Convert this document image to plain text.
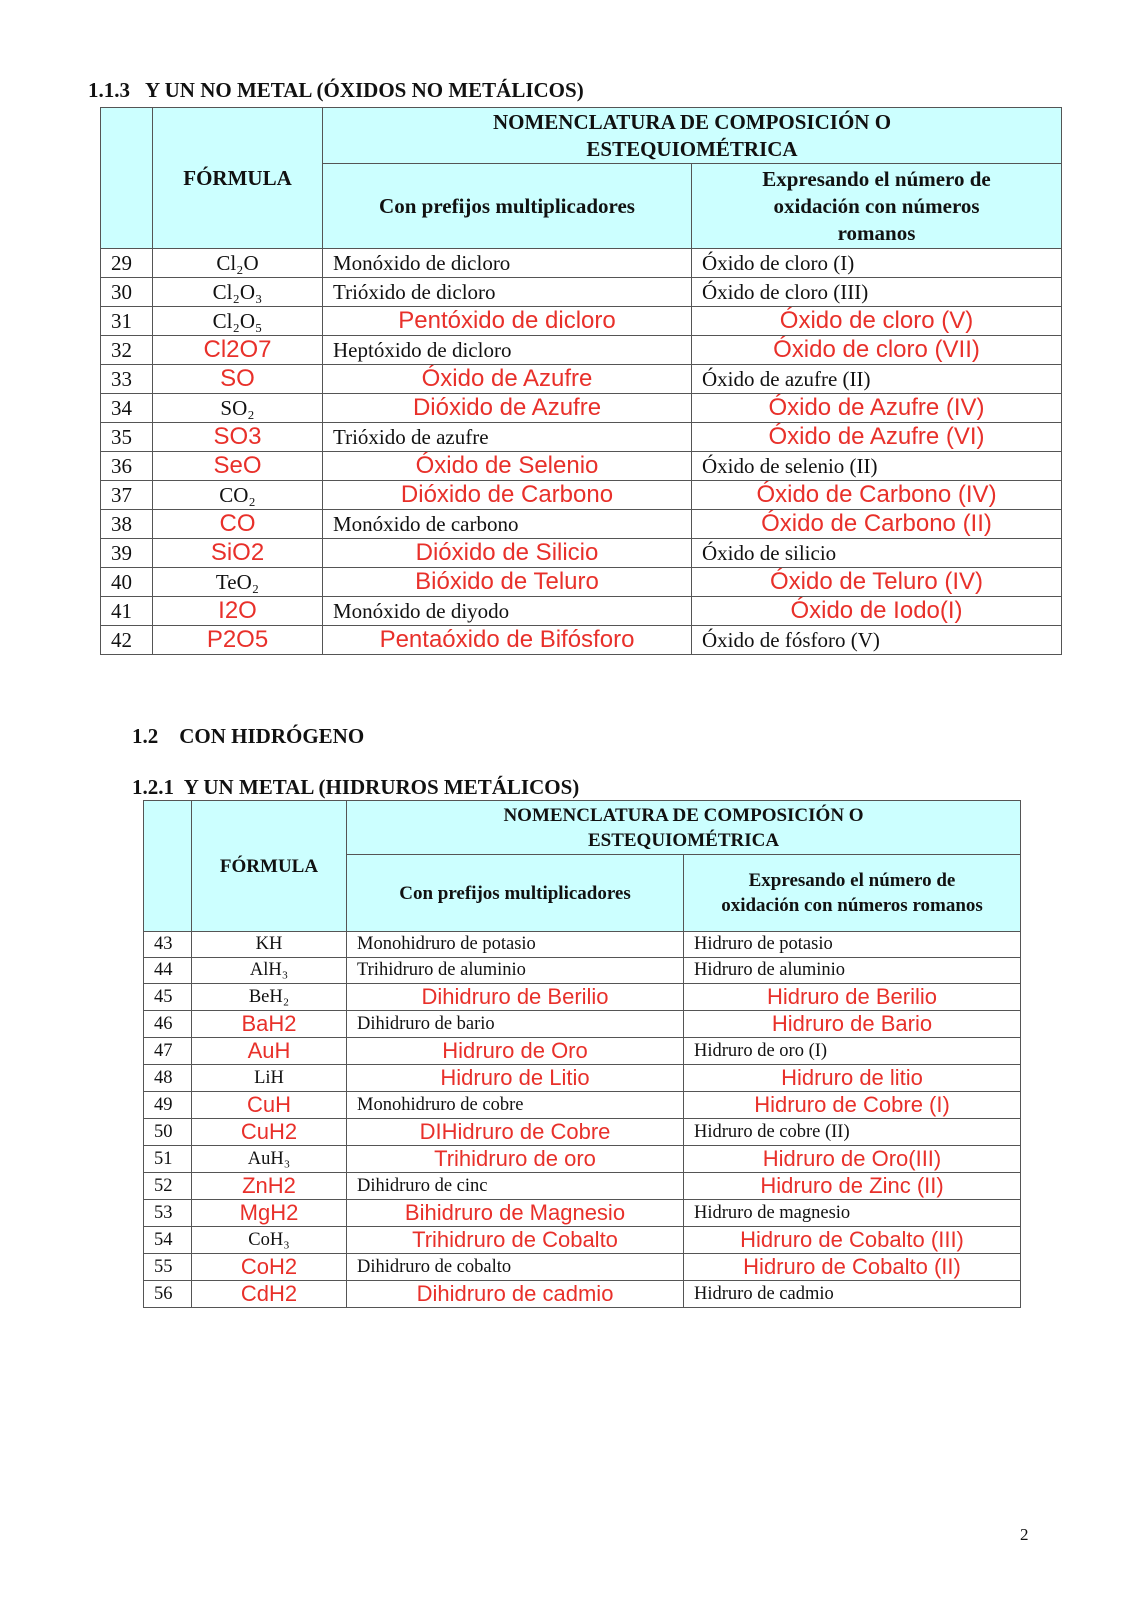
1.1.3 Y UN NO METAL (ÓXIDOS NO METÁLICOS)
	FÓRMULA	NOMENCLATURA DE COMPOSICIÓN O ESTEQUIOMÉTRICA	
		Con prefijos multiplicadores	Expresando el número de oxidación con números romanos
29	Cl₂O	Monóxido de dicloro	Óxido de cloro (I)
30	Cl₂O₃	Trióxido de dicloro	Óxido de cloro (III)
31	Cl₂O₅	Pentóxido de dicloro	Óxido de cloro (V)
32	Cl2O7	Heptóxido de dicloro	Óxido de cloro (VII)
33	SO	Óxido de Azufre	Óxido de azufre (II)
34	SO₂	Dióxido de Azufre	Óxido de Azufre (IV)
35	SO3	Trióxido de azufre	Óxido de Azufre (VI)
36	SeO	Óxido de Selenio	Óxido de selenio (II)
37	CO₂	Dióxido de Carbono	Óxido de Carbono (IV)
38	CO	Monóxido de carbono	Óxido de Carbono (II)
39	SiO2	Dióxido de Silicio	Óxido de silicio
40	TeO₂	Bióxido de Teluro	Óxido de Teluro (IV)
41	I2O	Monóxido de diyodo	Óxido de Iodo(I)
42	P2O5	Pentaóxido de Bifósforo	Óxido de fósforo (V)
1.2 CON HIDRÓGENO
1.2.1 Y UN METAL (HIDRUROS METÁLICOS)
	FÓRMULA	NOMENCLATURA DE COMPOSICIÓN O ESTEQUIOMÉTRICA	
		Con prefijos multiplicadores	Expresando el número de oxidación con números romanos
43	KH	Monohidruro de potasio	Hidruro de potasio
44	AlH₃	Trihidruro de aluminio	Hidruro de aluminio
45	BeH₂	Dihidruro de Berilio	Hidruro de Berilio
46	BaH2	Dihidruro de bario	Hidruro de Bario
47	AuH	Hidruro de Oro	Hidruro de oro (I)
48	LiH	Hidruro de Litio	Hidruro de litio
49	CuH	Monohidruro de cobre	Hidruro de Cobre (I)
50	CuH2	DIHidruro de Cobre	Hidruro de cobre (II)
51	AuH₃	Trihidruro de oro	Hidruro de Oro(III)
52	ZnH2	Dihidruro de cinc	Hidruro de Zinc (II)
53	MgH2	Bihidruro de Magnesio	Hidruro de magnesio
54	CoH₃	Trihidruro de Cobalto	Hidruro de Cobalto (III)
55	CoH2	Dihidruro de cobalto	Hidruro de Cobalto (II)
56	CdH2	Dihidruro de cadmio	Hidruro de cadmio
2
